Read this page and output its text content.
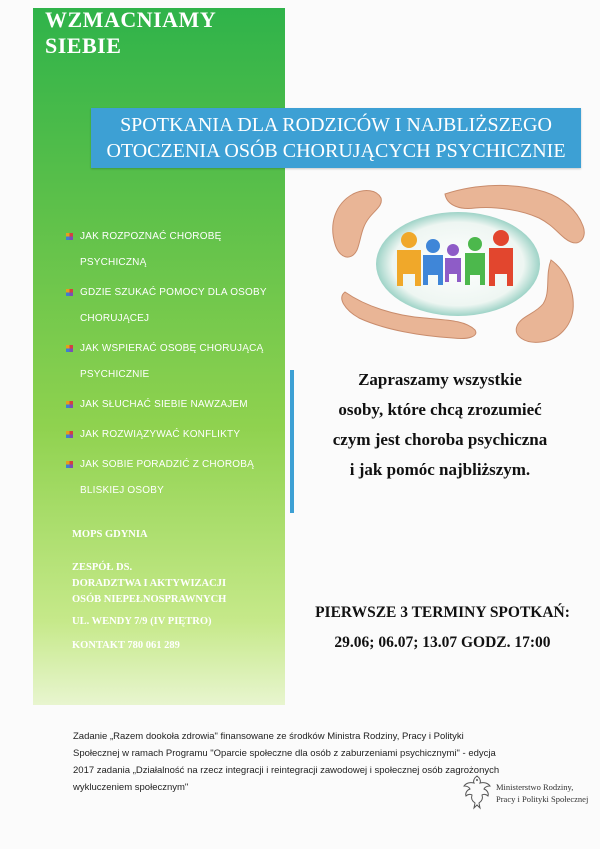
WZMACNIAMY
SIEBIE
SPOTKANIA DLA RODZICÓW I NAJBLIŻSZEGO
OTOCZENIA OSÓB CHORUJĄCYCH PSYCHICZNIE
JAK ROZPOZNAĆ CHOROBĘ PSYCHICZNĄ
GDZIE SZUKAĆ POMOCY DLA OSOBY
CHORUJĄCEJ
JAK WSPIERAĆ OSOBĘ CHORUJĄCĄ
PSYCHICZNIE
JAK SŁUCHAĆ SIEBIE NAWZAJEM
JAK ROZWIĄZYWAĆ KONFLIKTY
JAK SOBIE PORADZIĆ Z CHOROBĄ
BLISKIEJ OSOBY

MOPS GDYNIA

ZESPÓŁ DS.

DORADZTWA I AKTYWIZACJI

OSÓB NIEPEŁNOSPRAWNYCH

UL. WENDY 7/9 (IV PIĘTRO)

KONTAKT 780 061 289

Zapraszamy wszystkie
osoby, które chcą zrozumieć
czym jest choroba psychiczna
i jak pomóc najbliższym.
PIERWSZE 3 TERMINY SPOTKAŃ:
29.06; 06.07; 13.07 GODZ. 17:00
Zadanie „Razem dookoła zdrowia" finansowane ze środków Ministra Rodziny, Pracy i Polityki
Społecznej w ramach Programu "Oparcie społeczne dla osób z zaburzeniami psychicznymi" - edycja
2017 zadania „Działalność na rzecz integracji i reintegracji zawodowej i społecznej osób zagrożonych
wykluczeniem społecznym"	Ministerstwo Rodziny,
Pracy i Polityki Społecznej
